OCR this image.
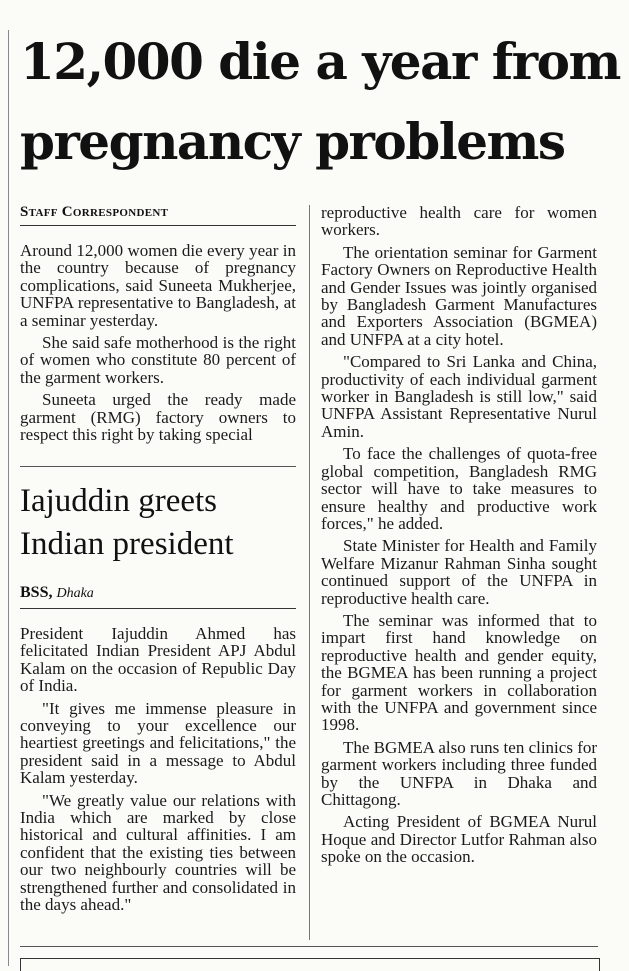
12,000 die a year from pregnancy problems
Staff Correspondent

Around 12,000 women die every year in the country because of pregnancy complications, said Suneeta Mukherjee, UNFPA representative to Bangladesh, at a seminar yesterday.

She said safe motherhood is the right of women who constitute 80 percent of the garment workers.

Suneeta urged the ready made garment (RMG) factory owners to respect this right by taking special

Iajuddin greets Indian president
BSS, Dhaka

President Iajuddin Ahmed has felicitated Indian President APJ Abdul Kalam on the occasion of Republic Day of India.

"It gives me immense pleasure in conveying to your excellence our heartiest greetings and felicitations," the president said in a message to Abdul Kalam yesterday.

"We greatly value our relations with India which are marked by close historical and cultural affinities. I am confident that the existing ties between our two neighbourly countries will be strengthened further and consolidated in the days ahead."

reproductive health care for women workers.

The orientation seminar for Garment Factory Owners on Reproductive Health and Gender Issues was jointly organised by Bangladesh Garment Manufactures and Exporters Association (BGMEA) and UNFPA at a city hotel.

"Compared to Sri Lanka and China, productivity of each individual garment worker in Bangladesh is still low," said UNFPA Assistant Representative Nurul Amin.

To face the challenges of quota-free global competition, Bangladesh RMG sector will have to take measures to ensure healthy and productive work forces," he added.

State Minister for Health and Family Welfare Mizanur Rahman Sinha sought continued support of the UNFPA in reproductive health care.

The seminar was informed that to impart first hand knowledge on reproductive health and gender equity, the BGMEA has been running a project for garment workers in collaboration with the UNFPA and government since 1998.

The BGMEA also runs ten clinics for garment workers including three funded by the UNFPA in Dhaka and Chittagong.

Acting President of BGMEA Nurul Hoque and Director Lutfor Rahman also spoke on the occasion.
